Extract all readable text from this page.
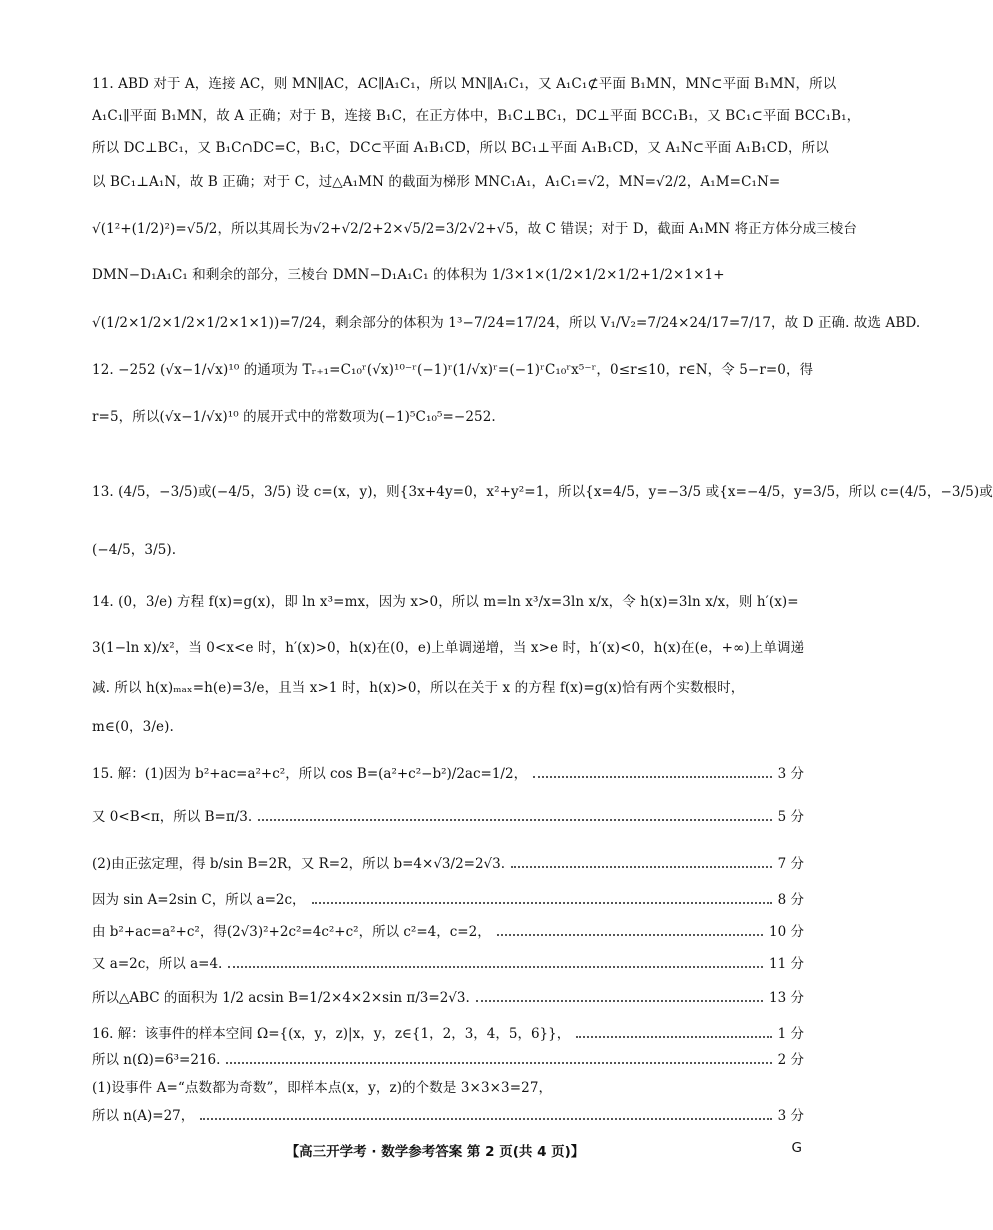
11. ABD 对于 A，连接 AC，则 MN∥AC，AC∥A₁C₁，所以 MN∥A₁C₁，又 A₁C₁⊄平面 B₁MN，MN⊂平面 B₁MN，所以
A₁C₁∥平面 B₁MN，故 A 正确；对于 B，连接 B₁C，在正方体中，B₁C⊥BC₁，DC⊥平面 BCC₁B₁，又 BC₁⊂平面 BCC₁B₁，
所以 DC⊥BC₁，又 B₁C∩DC=C，B₁C，DC⊂平面 A₁B₁CD，所以 BC₁⊥平面 A₁B₁CD，又 A₁N⊂平面 A₁B₁CD，所以
以 BC₁⊥A₁N，故 B 正确；对于 C，过△A₁MN 的截面为梯形 MNC₁A₁，A₁C₁=√2，MN=√2/2，A₁M=C₁N=
√(1²+(1/2)²)=√5/2，所以其周长为√2+√2/2+2×√5/2=3/2√2+√5，故 C 错误；对于 D，截面 A₁MN 将正方体分成三棱台
DMN−D₁A₁C₁ 和剩余的部分，三棱台 DMN−D₁A₁C₁ 的体积为 1/3×1×(1/2×1/2×1/2+1/2×1×1+
√(1/2×1/2×1/2×1/2×1×1))=7/24，剩余部分的体积为 1³−7/24=17/24，所以 V₁/V₂=7/24×24/17=7/17，故 D 正确. 故选 ABD.
12. −252 (√x−1/√x)¹⁰ 的通项为 Tᵣ₊₁=C₁₀ʳ(√x)¹⁰⁻ʳ(−1)ʳ(1/√x)ʳ=(−1)ʳC₁₀ʳx⁵⁻ʳ，0≤r≤10，r∈N，令 5−r=0，得
r=5，所以(√x−1/√x)¹⁰ 的展开式中的常数项为(−1)⁵C₁₀⁵=−252.
13. (4/5，−3/5)或(−4/5，3/5) 设 c=(x，y)，则{3x+4y=0，x²+y²=1，所以{x=4/5，y=−3/5 或{x=−4/5，y=3/5，所以 c=(4/5，−3/5)或
(−4/5，3/5).
14. (0，3/e) 方程 f(x)=g(x)，即 ln x³=mx，因为 x>0，所以 m=ln x³/x=3ln x/x，令 h(x)=3ln x/x，则 h′(x)=
3(1−ln x)/x²，当 0<x<e 时，h′(x)>0，h(x)在(0，e)上单调递增，当 x>e 时，h′(x)<0，h(x)在(e，+∞)上单调递
减. 所以 h(x)ₘₐₓ=h(e)=3/e，且当 x>1 时，h(x)>0，所以在关于 x 的方程 f(x)=g(x)恰有两个实数根时，
m∈(0，3/e).
15. 解：(1)因为 b²+ac=a²+c²，所以 cos B=(a²+c²−b²)/2ac=1/2，	3 分
又 0<B<π，所以 B=π/3.	5 分
(2)由正弦定理，得 b/sin B=2R，又 R=2，所以 b=4×√3/2=2√3.	7 分
因为 sin A=2sin C，所以 a=2c，	8 分
由 b²+ac=a²+c²，得(2√3)²+2c²=4c²+c²，所以 c²=4，c=2，	10 分
又 a=2c，所以 a=4.	11 分
所以△ABC 的面积为 1/2 acsin B=1/2×4×2×sin π/3=2√3.	13 分
16. 解：该事件的样本空间 Ω={(x，y，z)|x，y，z∈{1，2，3，4，5，6}}，	1 分
所以 n(Ω)=6³=216.	2 分
(1)设事件 A=“点数都为奇数”，即样本点(x，y，z)的个数是 3×3×3=27，
所以 n(A)=27，	3 分
【高三开学考 · 数学参考答案 第 2 页(共 4 页)】	G
